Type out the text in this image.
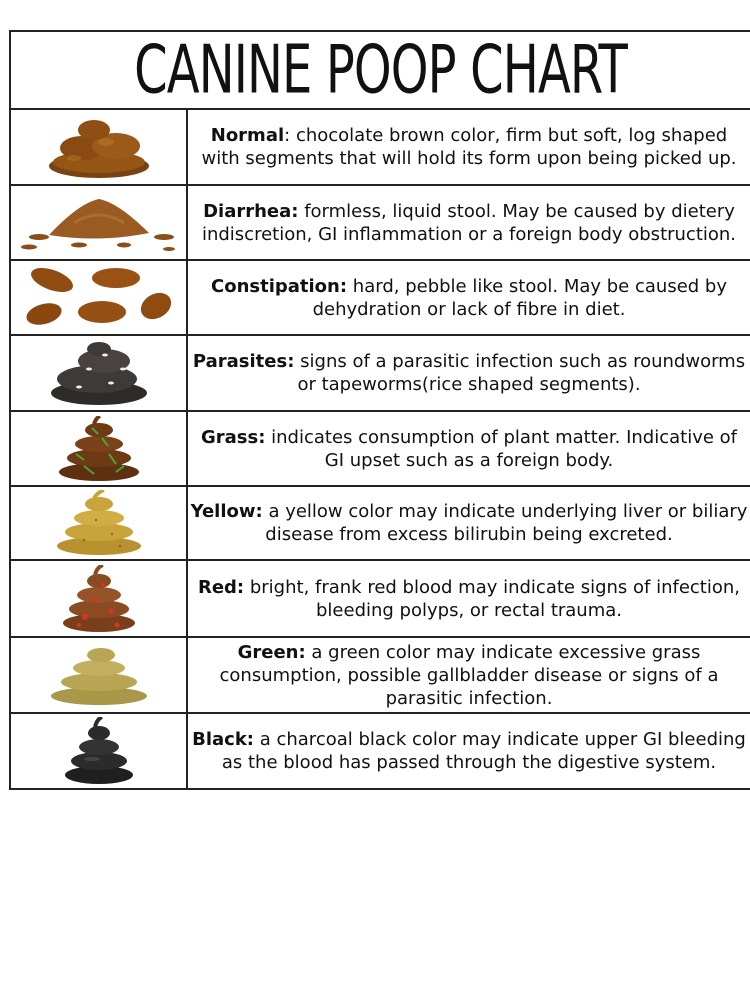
CANINE POOP CHART
Normal: chocolate brown color, firm but soft, log shaped with segments that will hold its form upon being picked up.
Diarrhea: formless, liquid stool. May be caused by dietery indiscretion, GI inflammation or a foreign body obstruction.
Constipation: hard, pebble like stool. May be caused by dehydration or lack of fibre in diet.
Parasites: signs of a parasitic infection such as roundworms or tapeworms(rice shaped segments).
Grass: indicates consumption of plant matter. Indicative of GI upset such as a foreign body.
Yellow: a yellow color may indicate underlying liver or biliary disease from excess bilirubin being excreted.
Red: bright, frank red blood may indicate signs of infection, bleeding polyps, or rectal trauma.
Green: a green color may indicate excessive grass consumption, possible gallbladder disease or signs of a parasitic infection.
Black: a charcoal black color may indicate upper GI bleeding as the blood has passed through the digestive system.
